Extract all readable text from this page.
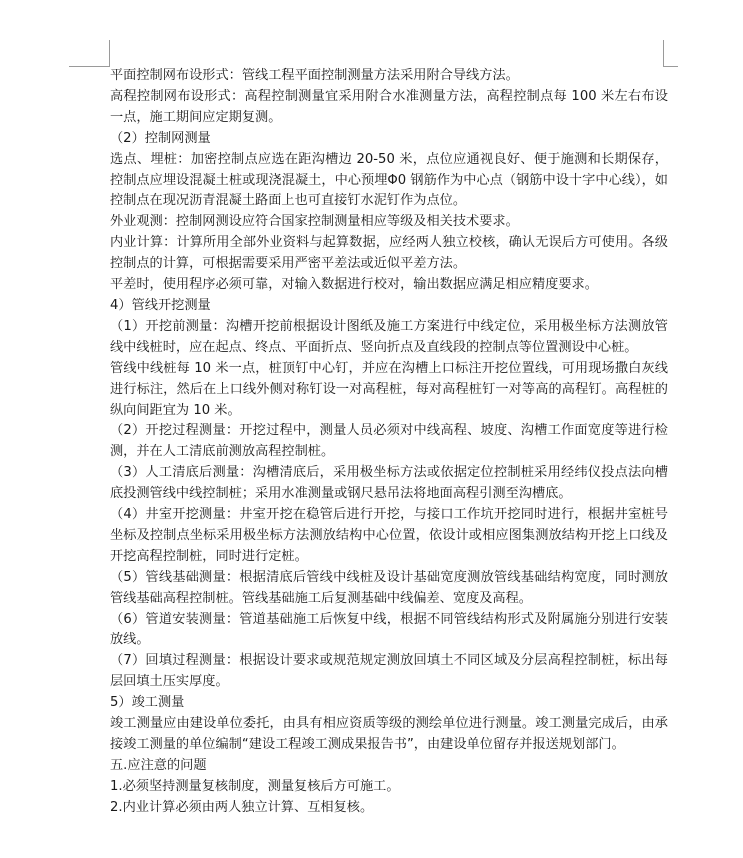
平面控制网布设形式：管线工程平面控制测量方法采用附合导线方法。

高程控制网布设形式：高程控制测量宜采用附合水准测量方法，高程控制点每 100 米左右布设一点，施工期间应定期复测。

（2）控制网测量

选点、埋桩：加密控制点应选在距沟槽边 20-50 米，点位应通视良好、便于施测和长期保存，控制点应埋设混凝土桩或现浇混凝土，中心预埋Φ0 钢筋作为中心点（钢筋中设十字中心线），如控制点在现况沥青混凝土路面上也可直接钉水泥钉作为点位。

外业观测：控制网测设应符合国家控制测量相应等级及相关技术要求。

内业计算：计算所用全部外业资料与起算数据，应经两人独立校核，确认无误后方可使用。各级控制点的计算，可根据需要采用严密平差法或近似平差方法。

平差时，使用程序必须可靠，对输入数据进行校对，输出数据应满足相应精度要求。

4）管线开挖测量

（1）开挖前测量：沟槽开挖前根据设计图纸及施工方案进行中线定位，采用极坐标方法测放管线中线桩时，应在起点、终点、平面折点、竖向折点及直线段的控制点等位置测设中心桩。

管线中线桩每 10 米一点，桩顶钉中心钉，并应在沟槽上口标注开挖位置线，可用现场撒白灰线进行标注，然后在上口线外侧对称钉设一对高程桩，每对高程桩钉一对等高的高程钉。高程桩的纵向间距宜为 10 米。

（2）开挖过程测量：开挖过程中，测量人员必须对中线高程、坡度、沟槽工作面宽度等进行检测，并在人工清底前测放高程控制桩。

（3）人工清底后测量：沟槽清底后，采用极坐标方法或依据定位控制桩采用经纬仪投点法向槽底投测管线中线控制桩；采用水准测量或钢尺悬吊法将地面高程引测至沟槽底。

（4）井室开挖测量：井室开挖在稳管后进行开挖，与接口工作坑开挖同时进行，根据井室桩号坐标及控制点坐标采用极坐标方法测放结构中心位置，依设计或相应图集测放结构开挖上口线及开挖高程控制桩，同时进行定桩。

（5）管线基础测量：根据清底后管线中线桩及设计基础宽度测放管线基础结构宽度，同时测放管线基础高程控制桩。管线基础施工后复测基础中线偏差、宽度及高程。

（6）管道安装测量：管道基础施工后恢复中线，根据不同管线结构形式及附属施分别进行安装放线。

（7）回填过程测量：根据设计要求或规范规定测放回填土不同区域及分层高程控制桩，标出每层回填土压实厚度。

5）竣工测量

竣工测量应由建设单位委托，由具有相应资质等级的测绘单位进行测量。竣工测量完成后，由承接竣工测量的单位编制“建设工程竣工测成果报告书”，由建设单位留存并报送规划部门。

五.应注意的问题

1.必须坚持测量复核制度，测量复核后方可施工。

2.内业计算必须由两人独立计算、互相复核。
